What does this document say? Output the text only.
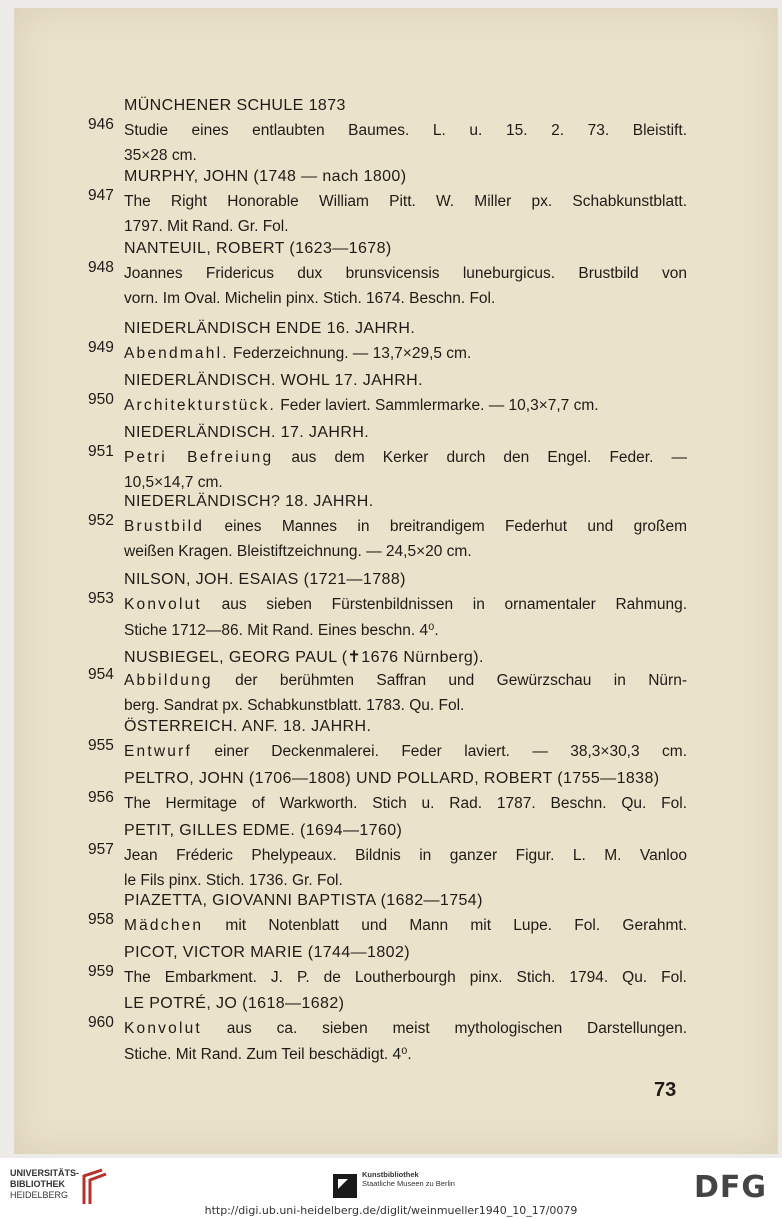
MÜNCHENER SCHULE 1873
946 Studie eines entlaubten Baumes. L. u. 15. 2. 73. Bleistift.
35×28 cm.
MURPHY, JOHN (1748 — nach 1800)
947 The Right Honorable William Pitt. W. Miller px. Schabkunstblatt.
1797. Mit Rand. Gr. Fol.
NANTEUIL, ROBERT (1623—1678)
948 Joannes Fridericus dux brunsvicensis luneburgicus. Brustbild von
vorn. Im Oval. Michelin pinx. Stich. 1674. Beschn. Fol.
NIEDERLÄNDISCH ENDE 16. JAHRH.
949 Abendmahl. Federzeichnung. — 13,7×29,5 cm.
NIEDERLÄNDISCH. WOHL 17. JAHRH.
950 Architekturstück. Feder laviert. Sammlermarke. — 10,3×7,7 cm.
NIEDERLÄNDISCH. 17. JAHRH.
951 Petri Befreiung aus dem Kerker durch den Engel. Feder. —
10,5×14,7 cm.
NIEDERLÄNDISCH? 18. JAHRH.
952 Brustbild eines Mannes in breitrandigem Federhut und großem
weißen Kragen. Bleistiftzeichnung. — 24,5×20 cm.
NILSON, JOH. ESAIAS (1721—1788)
953 Konvolut aus sieben Fürstenbildnissen in ornamentaler Rahmung.
Stiche 1712—86. Mit Rand. Eines beschn. 4⁰.
NUSBIEGEL, GEORG PAUL (✝1676 Nürnberg).
954 Abbildung der berühmten Saffran und Gewürzschau in Nürn-
berg. Sandrat px. Schabkunstblatt. 1783. Qu. Fol.
ÖSTERREICH. ANF. 18. JAHRH.
955 Entwurf einer Deckenmalerei. Feder laviert. — 38,3×30,3 cm.
PELTRO, JOHN (1706—1808) UND POLLARD, ROBERT (1755—1838)
956 The Hermitage of Warkworth. Stich u. Rad. 1787. Beschn. Qu. Fol.
PETIT, GILLES EDME. (1694—1760)
957 Jean Fréderic Phelypeaux. Bildnis in ganzer Figur. L. M. Vanloo
le Fils pinx. Stich. 1736. Gr. Fol.
PIAZETTA, GIOVANNI BAPTISTA (1682—1754)
958 Mädchen mit Notenblatt und Mann mit Lupe. Fol. Gerahmt.
PICOT, VICTOR MARIE (1744—1802)
959 The Embarkment. J. P. de Loutherbourgh pinx. Stich. 1794. Qu. Fol.
LE POTRÉ, JO (1618—1682)
960 Konvolut aus ca. sieben meist mythologischen Darstellungen.
Stiche. Mit Rand. Zum Teil beschädigt. 4⁰.
73
UNIVERSITÄTS-
BIBLIOTHEK
HEIDELBERG
Kunstbibliothek
Staatliche Museen zu Berlin	DFG
http://digi.ub.uni-heidelberg.de/diglit/weinmueller1940_10_17/0079
